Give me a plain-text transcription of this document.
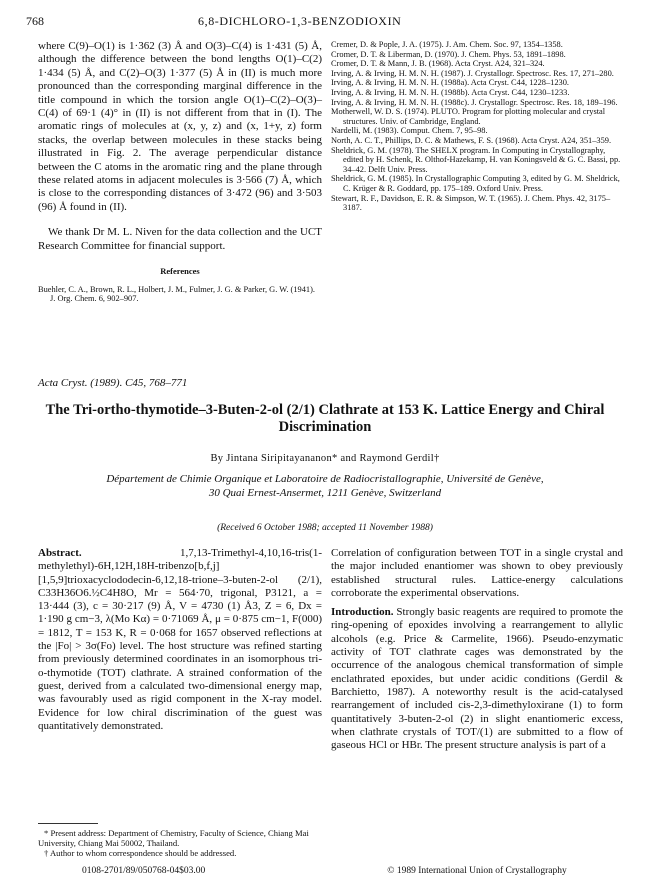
768	6,8-DICHLORO-1,3-BENZODIOXIN

where C(9)–O(1) is 1·362 (3) Å and O(3)–C(4) is 1·431 (5) Å, although the difference between the bond lengths O(1)–C(2) 1·434 (5) Å, and C(2)–O(3) 1·377 (5) Å in (II) is much more pronounced than the corresponding marginal difference in the title compound in which the torsion angle O(1)–C(2)–O(3)–C(4) of 69·1 (4)° in (II) is not different from that in (I). The aromatic rings of molecules at (x, y, z) and (x, 1+y, z) form stacks, the overlap between molecules in these stacks being illustrated in Fig. 2. The average perpendicular distance between the C atoms in the aromatic ring and the plane through these related atoms in adjacent molecules is 3·566 (7) Å, which is close to the corresponding distances of 3·472 (96) and 3·503 (96) Å found in (II).

We thank Dr M. L. Niven for the data collection and the UCT Research Committee for financial support.

References
Buehler, C. A., Brown, R. L., Holbert, J. M., Fulmer, J. G. & Parker, G. W. (1941). J. Org. Chem. 6, 902–907.
Cremer, D. & Pople, J. A. (1975). J. Am. Chem. Soc. 97, 1354–1358.
Cromer, D. T. & Liberman, D. (1970). J. Chem. Phys. 53, 1891–1898.
Cromer, D. T. & Mann, J. B. (1968). Acta Cryst. A24, 321–324.
Irving, A. & Irving, H. M. N. H. (1987). J. Crystallogr. Spectrosc. Res. 17, 271–280.
Irving, A. & Irving, H. M. N. H. (1988a). Acta Cryst. C44, 1228–1230.
Irving, A. & Irving, H. M. N. H. (1988b). Acta Cryst. C44, 1230–1233.
Irving, A. & Irving, H. M. N. H. (1988c). J. Crystallogr. Spectrosc. Res. 18, 189–196.
Motherwell, W. D. S. (1974). PLUTO. Program for plotting molecular and crystal structures. Univ. of Cambridge, England.
Nardelli, M. (1983). Comput. Chem. 7, 95–98.
North, A. C. T., Phillips, D. C. & Mathews, F. S. (1968). Acta Cryst. A24, 351–359.
Sheldrick, G. M. (1978). The SHELX program. In Computing in Crystallography, edited by H. Schenk, R. Olthof-Hazekamp, H. van Koningsveld & G. C. Bassi, pp. 34–42. Delft Univ. Press.
Sheldrick, G. M. (1985). In Crystallographic Computing 3, edited by G. M. Sheldrick, C. Krüger & R. Goddard, pp. 175–189. Oxford Univ. Press.
Stewart, R. F., Davidson, E. R. & Simpson, W. T. (1965). J. Chem. Phys. 42, 3175–3187.
Acta Cryst. (1989). C45, 768–771
The Tri-ortho-thymotide–3-Buten-2-ol (2/1) Clathrate at 153 K. Lattice Energy and Chiral Discrimination
By Jintana Siripitayananon* and Raymond Gerdil†
Département de Chimie Organique et Laboratoire de Radiocristallographie, Université de Genève,
30 Quai Ernest-Ansermet, 1211 Genève, Switzerland
(Received 6 October 1988; accepted 11 November 1988)
Abstract.	1,7,13-Trimethyl-4,10,16-tris(1-methylethyl)-6H,12H,18H-tribenzo[b,f,j][1,5,9]trioxacyclododecin-6,12,18-trione–3-buten-2-ol (2/1), C33H36O6.½C4H8O, Mr = 564·70, trigonal, P3121, a = 13·444 (3), c = 30·217 (9) Å, V = 4730 (1) Å3, Z = 6, Dx = 1·190 g cm−3, λ(Mo Kα) = 0·71069 Å, μ = 0·875 cm−1, F(000) = 1812, T = 153 K, R = 0·068 for 1657 observed reflections at the |Fo| > 3σ(Fo) level. The host structure was refined starting from previously determined coordinates in an isomorphous tri-o-thymotide (TOT) clathrate. A strained conformation of the guest, derived from a calculated two-dimensional energy map, was favourably used as rigid component in the X-ray model. Evidence for low chiral discrimination of the guest was quantitatively demonstrated.

Correlation of configuration between TOT in a single crystal and the major included enantiomer was shown to obey previously established structural rules. Lattice-energy calculations corroborate the experimental observations.

Introduction. Strongly basic reagents are required to promote the ring-opening of epoxides involving a rearrangement to allylic alcohols (e.g. Price & Carmelite, 1966). Pseudo-enzymatic activity of TOT clathrate cages was demonstrated by the occurrence of the analogous chemical transformation of simple enclathrated epoxides, but under acidic conditions (Gerdil & Barchietto, 1987). A noteworthy result is the acid-catalysed rearrangement of included cis-2,3-dimethyloxirane (1) to form quantitatively 3-buten-2-ol (2) in slight enantiomeric excess, when clathrate crystals of TOT/(1) are submitted to a flow of gaseous HCl or HBr. The present structure analysis is part of a

* Present address: Department of Chemistry, Faculty of Science, Chiang Mai University, Chiang Mai 50002, Thailand.

† Author to whom correspondence should be addressed.

0108-2701/89/050768-04$03.00	© 1989 International Union of Crystallography
